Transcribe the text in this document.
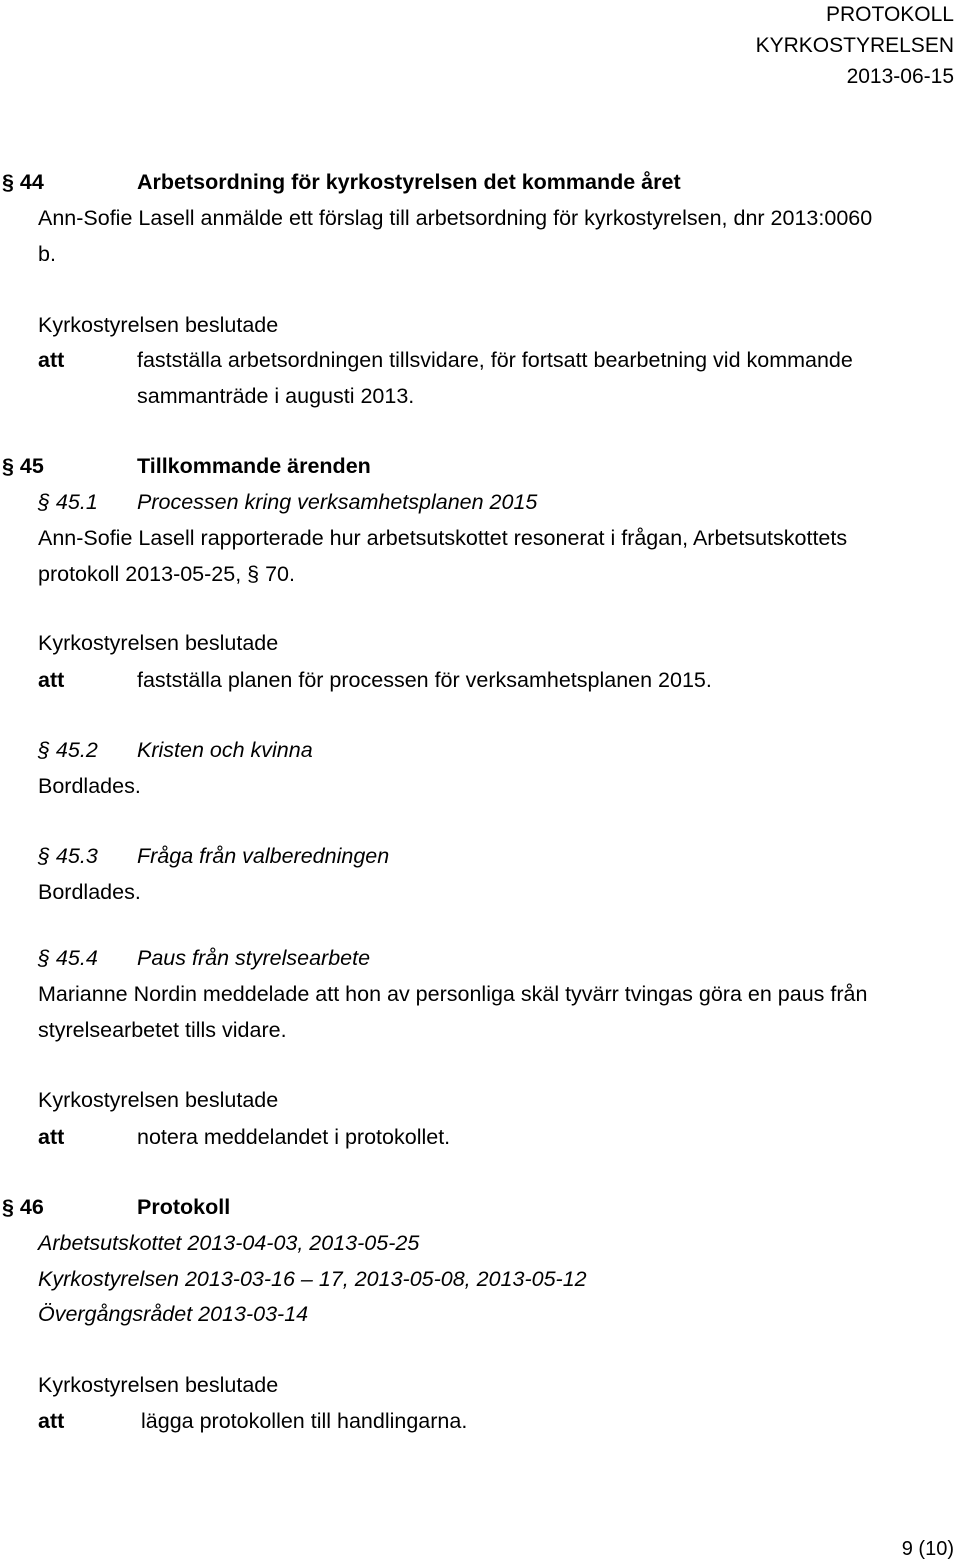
PROTOKOLL
KYRKOSTYRELSEN
2013-06-15
§ 44	Arbetsordning för kyrkostyrelsen det kommande året
Ann-Sofie Lasell anmälde ett förslag till arbetsordning för kyrkostyrelsen, dnr 2013:0060
b.
Kyrkostyrelsen beslutade
att	fastställa arbetsordningen tillsvidare, för fortsatt bearbetning vid kommande
sammanträde i augusti 2013.
§ 45	Tillkommande ärenden
§ 45.1 Processen kring verksamhetsplanen 2015
Ann-Sofie Lasell rapporterade hur arbetsutskottet resonerat i frågan, Arbetsutskottets
protokoll 2013-05-25, § 70.
Kyrkostyrelsen beslutade
att	fastställa planen för processen för verksamhetsplanen 2015.
§ 45.2 Kristen och kvinna
Bordlades.
§ 45.3 Fråga från valberedningen
Bordlades.
§ 45.4 Paus från styrelsearbete
Marianne Nordin meddelade att hon av personliga skäl tyvärr tvingas göra en paus från
styrelsearbetet tills vidare.
Kyrkostyrelsen beslutade
att	notera meddelandet i protokollet.
§ 46	Protokoll
Arbetsutskottet 2013-04-03, 2013-05-25
Kyrkostyrelsen 2013-03-16 – 17, 2013-05-08, 2013-05-12
Övergångsrådet 2013-03-14
Kyrkostyrelsen beslutade
att	lägga protokollen till handlingarna.
9 (10)
